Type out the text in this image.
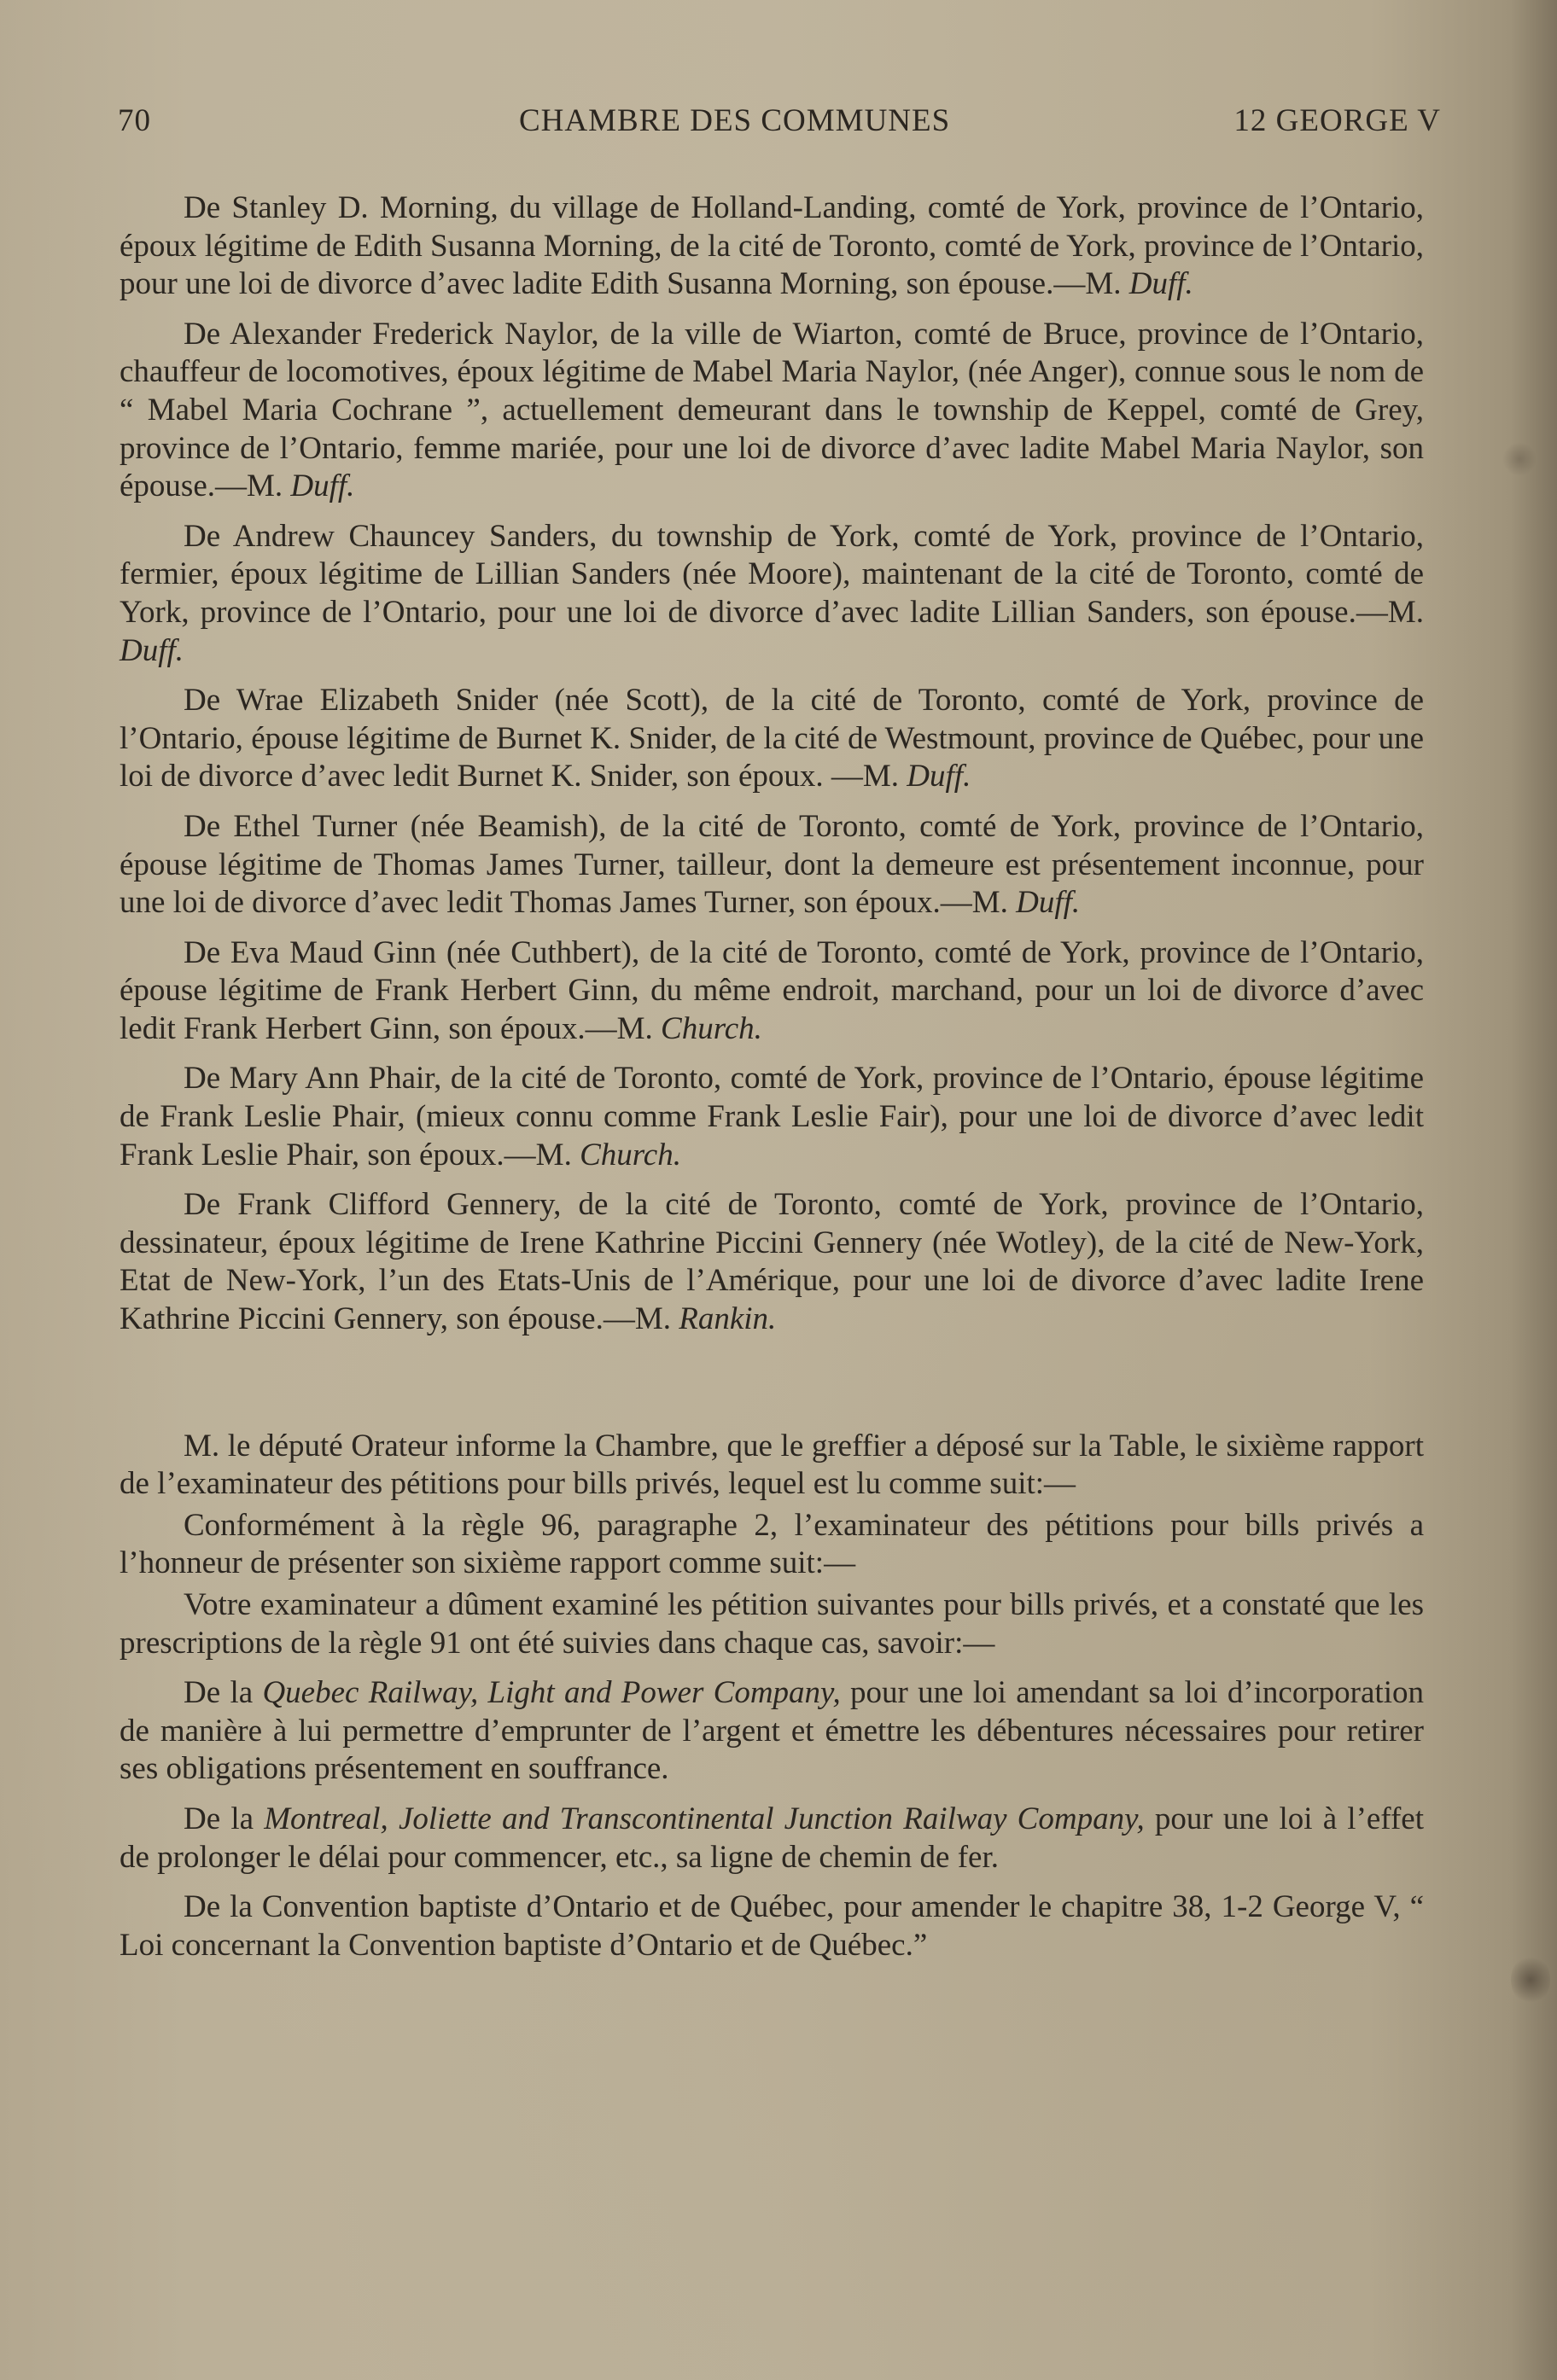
70	CHAMBRE DES COMMUNES	12 GEORGE V

De Stanley D. Morning, du village de Holland-Landing, comté de York, province de l’Ontario, époux légitime de Edith Susanna Morning, de la cité de Toronto, comté de York, province de l’Ontario, pour une loi de divorce d’avec ladite Edith Susanna Morning, son épouse.—M. Duff.

De Alexander Frederick Naylor, de la ville de Wiarton, comté de Bruce, province de l’Ontario, chauffeur de locomotives, époux légitime de Mabel Maria Naylor, (née Anger), connue sous le nom de “ Mabel Maria Cochrane ”, actuellement demeurant dans le township de Keppel, comté de Grey, province de l’Ontario, femme mariée, pour une loi de divorce d’avec ladite Mabel Maria Naylor, son épouse.—M. Duff.

De Andrew Chauncey Sanders, du township de York, comté de York, province de l’Ontario, fermier, époux légitime de Lillian Sanders (née Moore), maintenant de la cité de Toronto, comté de York, province de l’Ontario, pour une loi de divorce d’avec ladite Lillian Sanders, son épouse.—M. Duff.

De Wrae Elizabeth Snider (née Scott), de la cité de Toronto, comté de York, province de l’Ontario, épouse légitime de Burnet K. Snider, de la cité de Westmount, province de Québec, pour une loi de divorce d’avec ledit Burnet K. Snider, son époux. —M. Duff.

De Ethel Turner (née Beamish), de la cité de Toronto, comté de York, province de l’Ontario, épouse légitime de Thomas James Turner, tailleur, dont la demeure est présentement inconnue, pour une loi de divorce d’avec ledit Thomas James Turner, son époux.—M. Duff.

De Eva Maud Ginn (née Cuthbert), de la cité de Toronto, comté de York, province de l’Ontario, épouse légitime de Frank Herbert Ginn, du même endroit, marchand, pour un loi de divorce d’avec ledit Frank Herbert Ginn, son époux.—M. Church.

De Mary Ann Phair, de la cité de Toronto, comté de York, province de l’Ontario, épouse légitime de Frank Leslie Phair, (mieux connu comme Frank Leslie Fair), pour une loi de divorce d’avec ledit Frank Leslie Phair, son époux.—M. Church.

De Frank Clifford Gennery, de la cité de Toronto, comté de York, province de l’Ontario, dessinateur, époux légitime de Irene Kathrine Piccini Gennery (née Wotley), de la cité de New-York, Etat de New-York, l’un des Etats-Unis de l’Amérique, pour une loi de divorce d’avec ladite Irene Kathrine Piccini Gennery, son épouse.—M. Rankin.

M. le député Orateur informe la Chambre, que le greffier a déposé sur la Table, le sixième rapport de l’examinateur des pétitions pour bills privés, lequel est lu comme suit:—

Conformément à la règle 96, paragraphe 2, l’examinateur des pétitions pour bills privés a l’honneur de présenter son sixième rapport comme suit:—

Votre examinateur a dûment examiné les pétition suivantes pour bills privés, et a constaté que les prescriptions de la règle 91 ont été suivies dans chaque cas, savoir:—

De la Quebec Railway, Light and Power Company, pour une loi amendant sa loi d’incorporation de manière à lui permettre d’emprunter de l’argent et émettre les débentures nécessaires pour retirer ses obligations présentement en souffrance.

De la Montreal, Joliette and Transcontinental Junction Railway Company, pour une loi à l’effet de prolonger le délai pour commencer, etc., sa ligne de chemin de fer.

De la Convention baptiste d’Ontario et de Québec, pour amender le chapitre 38, 1-2 George V, “ Loi concernant la Convention baptiste d’Ontario et de Québec.”
